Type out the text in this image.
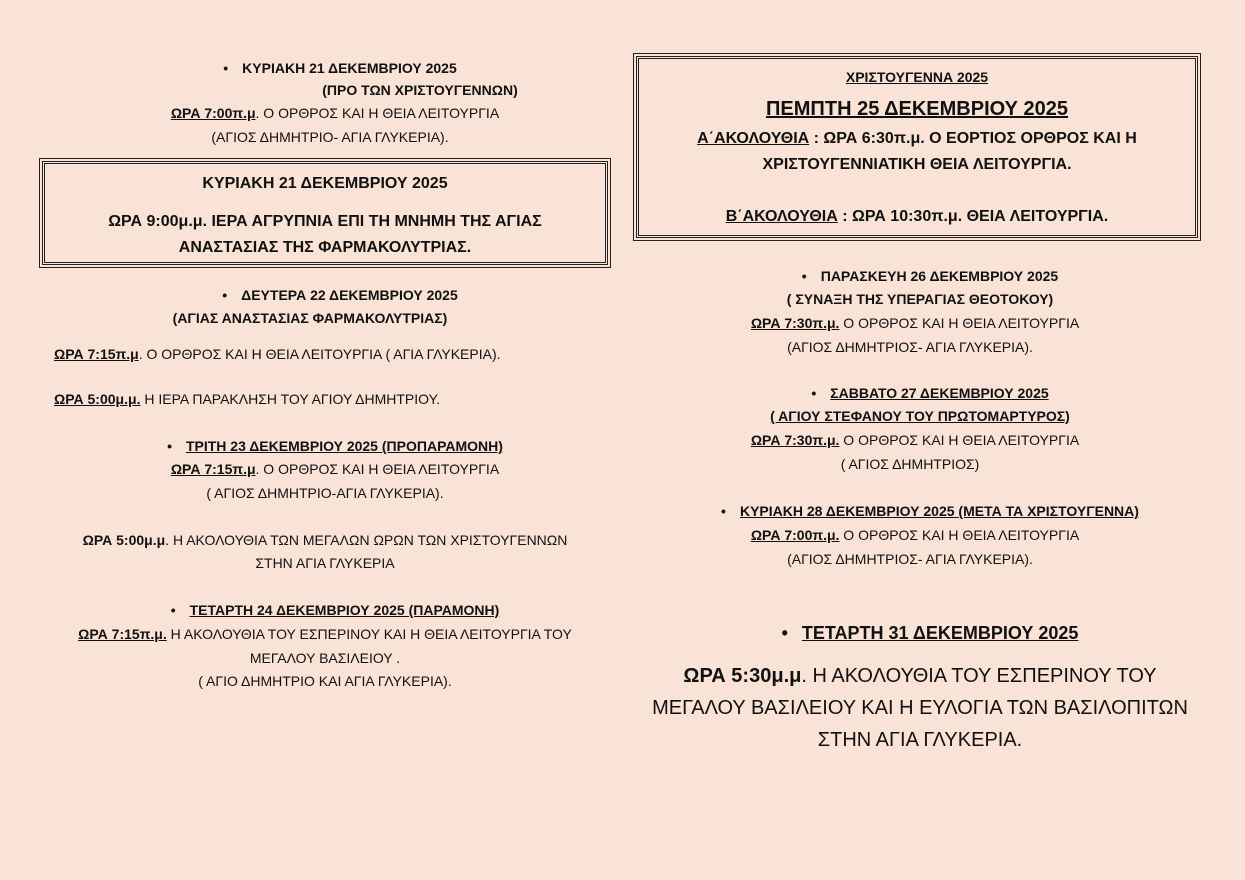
• ΚΥΡΙΑΚΗ 21 ΔΕΚΕΜΒΡΙΟΥ 2025
(ΠΡΟ ΤΩΝ ΧΡΙΣΤΟΥΓΕΝΝΩΝ)
ΩΡΑ 7:00π.μ. Ο ΟΡΘΡΟΣ ΚΑΙ Η ΘΕΙΑ ΛΕΙΤΟΥΡΓΙΑ
(ΑΓΙΟΣ ΔΗΜΗΤΡΙΟ- ΑΓΙΑ ΓΛΥΚΕΡΙΑ).
ΚΥΡΙΑΚΗ 21 ΔΕΚΕΜΒΡΙΟΥ 2025
ΩΡΑ 9:00μ.μ. ΙΕΡΑ ΑΓΡΥΠΝΙΑ ΕΠΙ ΤΗ ΜΝΗΜΗ ΤΗΣ ΑΓΙΑΣ
ΑΝΑΣΤΑΣΙΑΣ ΤΗΣ ΦΑΡΜΑΚΟΛΥΤΡΙΑΣ.
• ΔΕΥΤΕΡΑ 22 ΔΕΚΕΜΒΡΙΟΥ 2025
(ΑΓΙΑΣ ΑΝΑΣΤΑΣΙΑΣ ΦΑΡΜΑΚΟΛΥΤΡΙΑΣ)
ΩΡΑ 7:15π.μ. Ο ΟΡΘΡΟΣ ΚΑΙ Η ΘΕΙΑ ΛΕΙΤΟΥΡΓΙΑ ( ΑΓΙΑ ΓΛΥΚΕΡΙΑ).
ΩΡΑ 5:00μ.μ. Η ΙΕΡΑ ΠΑΡΑΚΛΗΣΗ ΤΟΥ ΑΓΙΟΥ ΔΗΜΗΤΡΙΟΥ.
• ΤΡΙΤΗ 23 ΔΕΚΕΜΒΡΙΟΥ 2025 (ΠΡΟΠΑΡΑΜΟΝΗ)
ΩΡΑ 7:15π.μ. Ο ΟΡΘΡΟΣ ΚΑΙ Η ΘΕΙΑ ΛΕΙΤΟΥΡΓΙΑ
( ΑΓΙΟΣ ΔΗΜΗΤΡΙΟ-ΑΓΙΑ ΓΛΥΚΕΡΙΑ).
ΩΡΑ 5:00μ.μ. Η ΑΚΟΛΟΥΘΙΑ ΤΩΝ ΜΕΓΑΛΩΝ ΩΡΩΝ ΤΩΝ ΧΡΙΣΤΟΥΓΕΝΝΩΝ
ΣΤΗΝ ΑΓΙΑ ΓΛΥΚΕΡΙΑ
• ΤΕΤΑΡΤΗ 24 ΔΕΚΕΜΒΡΙΟΥ 2025 (ΠΑΡΑΜΟΝΗ)
ΩΡΑ 7:15π.μ. Η ΑΚΟΛΟΥΘΙΑ ΤΟΥ ΕΣΠΕΡΙΝΟΥ ΚΑΙ Η ΘΕΙΑ ΛΕΙΤΟΥΡΓΙΑ ΤΟΥ
ΜΕΓΑΛΟΥ ΒΑΣΙΛΕΙΟΥ .
( ΑΓΙΟ ΔΗΜΗΤΡΙΟ ΚΑΙ ΑΓΙΑ ΓΛΥΚΕΡΙΑ).
ΧΡΙΣΤΟΥΓΕΝΝΑ 2025
ΠΕΜΠΤΗ 25 ΔΕΚΕΜΒΡΙΟΥ 2025
Α΄ΑΚΟΛΟΥΘΙΑ : ΩΡΑ 6:30π.μ. Ο ΕΟΡΤΙΟΣ ΟΡΘΡΟΣ ΚΑΙ Η
ΧΡΙΣΤΟΥΓΕΝΝΙΑΤΙΚΗ ΘΕΙΑ ΛΕΙΤΟΥΡΓΙΑ.
Β΄ΑΚΟΛΟΥΘΙΑ : ΩΡΑ 10:30π.μ. ΘΕΙΑ ΛΕΙΤΟΥΡΓΙΑ.
• ΠΑΡΑΣΚΕΥΗ 26 ΔΕΚΕΜΒΡΙΟΥ 2025
( ΣΥΝΑΞΗ ΤΗΣ ΥΠΕΡΑΓΙΑΣ ΘΕΟΤΟΚΟΥ)
ΩΡΑ 7:30π.μ. Ο ΟΡΘΡΟΣ ΚΑΙ Η ΘΕΙΑ ΛΕΙΤΟΥΡΓΙΑ
(ΑΓΙΟΣ ΔΗΜΗΤΡΙΟΣ- ΑΓΙΑ ΓΛΥΚΕΡΙΑ).
• ΣΑΒΒΑΤΟ 27 ΔΕΚΕΜΒΡΙΟΥ 2025
( ΑΓΙΟΥ ΣΤΕΦΑΝΟΥ ΤΟΥ ΠΡΩΤΟΜΑΡΤΥΡΟΣ)
ΩΡΑ 7:30π.μ. Ο ΟΡΘΡΟΣ ΚΑΙ Η ΘΕΙΑ ΛΕΙΤΟΥΡΓΙΑ
( ΑΓΙΟΣ ΔΗΜΗΤΡΙΟΣ)
• ΚΥΡΙΑΚΗ 28 ΔΕΚΕΜΒΡΙΟΥ 2025 (ΜΕΤΑ ΤΑ ΧΡΙΣΤΟΥΓΕΝΝΑ)
ΩΡΑ 7:00π.μ. Ο ΟΡΘΡΟΣ ΚΑΙ Η ΘΕΙΑ ΛΕΙΤΟΥΡΓΙΑ
(ΑΓΙΟΣ ΔΗΜΗΤΡΙΟΣ- ΑΓΙΑ ΓΛΥΚΕΡΙΑ).
• ΤΕΤΑΡΤΗ 31 ΔΕΚΕΜΒΡΙΟΥ 2025
ΩΡΑ 5:30μ.μ. Η ΑΚΟΛΟΥΘΙΑ ΤΟΥ ΕΣΠΕΡΙΝΟΥ ΤΟΥ
ΜΕΓΑΛΟΥ ΒΑΣΙΛΕΙΟΥ ΚΑΙ Η ΕΥΛΟΓΙΑ ΤΩΝ ΒΑΣΙΛΟΠΙΤΩΝ
ΣΤΗΝ ΑΓΙΑ ΓΛΥΚΕΡΙΑ.
